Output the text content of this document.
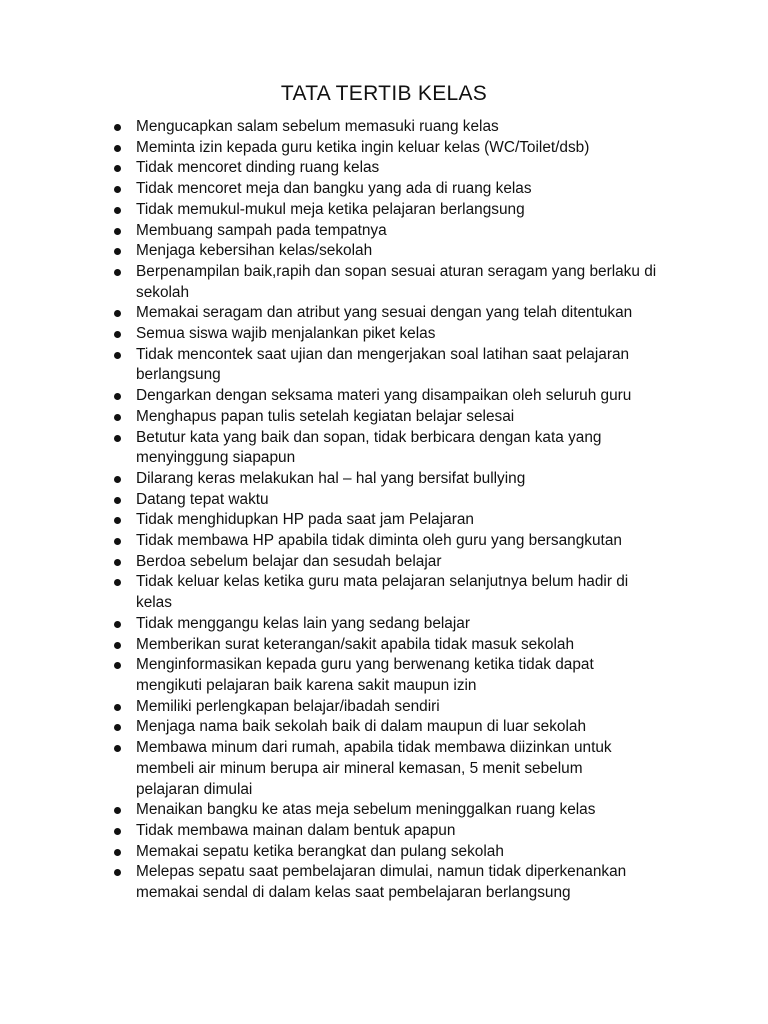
TATA TERTIB KELAS
Mengucapkan salam sebelum memasuki ruang kelas
Meminta izin kepada guru ketika ingin keluar kelas (WC/Toilet/dsb)
Tidak mencoret dinding ruang kelas
Tidak mencoret meja dan bangku yang ada di ruang kelas
Tidak memukul-mukul meja ketika pelajaran berlangsung
Membuang sampah pada tempatnya
Menjaga kebersihan kelas/sekolah
Berpenampilan baik,rapih dan sopan sesuai aturan seragam yang berlaku di
sekolah
Memakai seragam dan atribut yang sesuai dengan yang telah ditentukan
Semua siswa wajib menjalankan piket kelas
Tidak mencontek saat ujian dan mengerjakan soal latihan saat pelajaran
berlangsung
Dengarkan dengan seksama materi yang disampaikan oleh seluruh guru
Menghapus papan tulis setelah kegiatan belajar selesai
Betutur kata yang baik dan sopan, tidak berbicara dengan kata yang
menyinggung siapapun
Dilarang keras melakukan hal – hal yang bersifat bullying
Datang tepat waktu
Tidak menghidupkan HP pada saat jam Pelajaran
Tidak membawa HP apabila tidak diminta oleh guru yang bersangkutan
Berdoa sebelum belajar dan sesudah belajar
Tidak keluar kelas ketika guru mata pelajaran selanjutnya belum hadir di
kelas
Tidak menggangu kelas lain yang sedang belajar
Memberikan surat keterangan/sakit apabila tidak masuk sekolah
Menginformasikan kepada guru yang berwenang ketika tidak dapat
mengikuti pelajaran baik karena sakit maupun izin
Memiliki perlengkapan belajar/ibadah sendiri
Menjaga nama baik sekolah baik di dalam maupun di luar sekolah
Membawa minum dari rumah, apabila tidak membawa diizinkan untuk
membeli air minum berupa air mineral kemasan, 5 menit sebelum
pelajaran dimulai
Menaikan bangku ke atas meja sebelum meninggalkan ruang kelas
Tidak membawa mainan dalam bentuk apapun
Memakai sepatu ketika berangkat dan pulang sekolah
Melepas sepatu saat pembelajaran dimulai, namun tidak diperkenankan
memakai sendal di dalam kelas saat pembelajaran berlangsung
